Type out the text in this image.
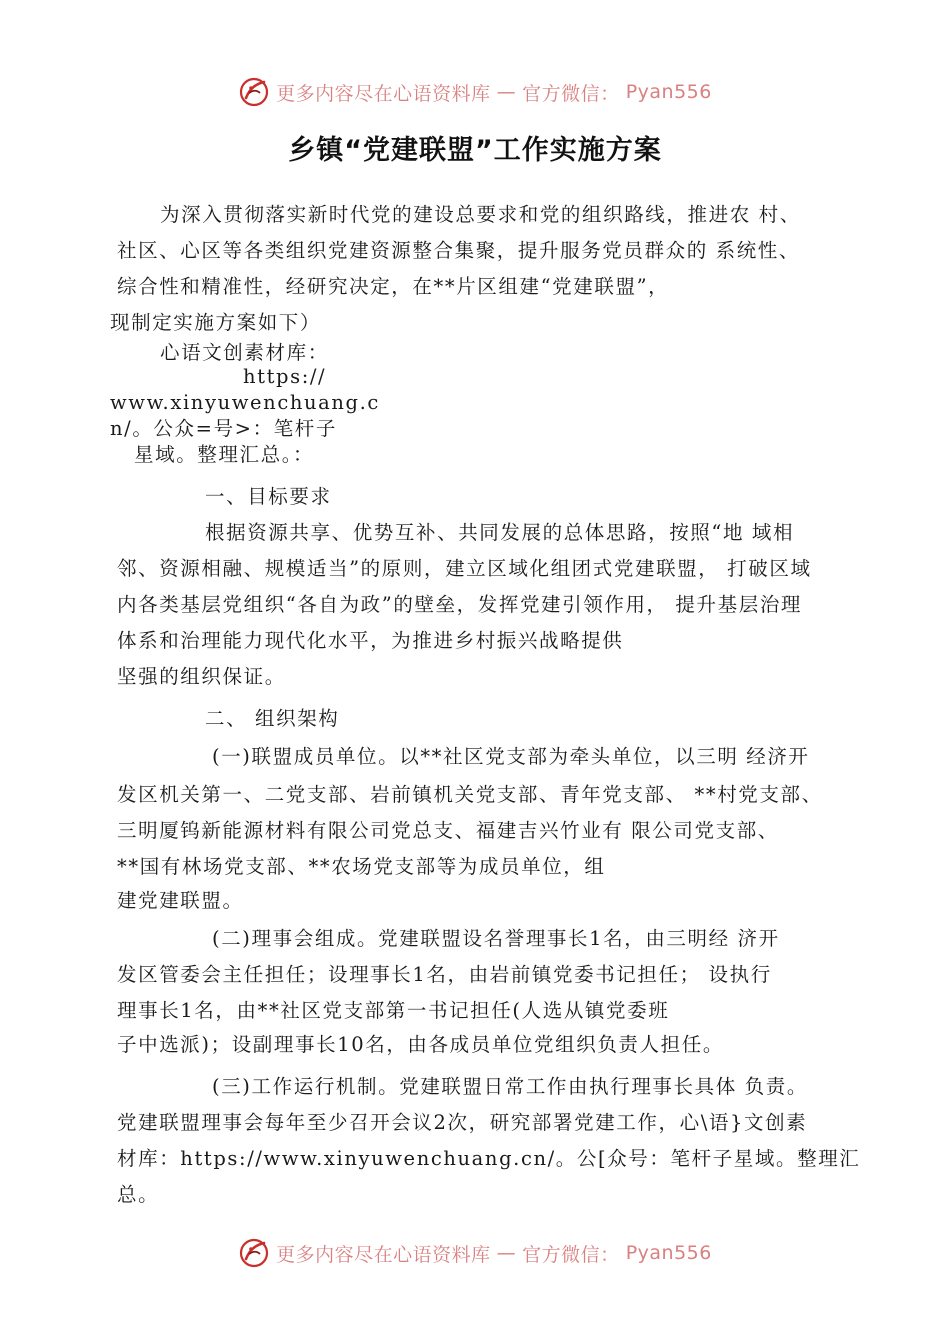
更多内容尽在心语资料库 — 官方微信： Pyan556
乡镇“党建联盟”工作实施方案
为深入贯彻落实新时代党的建设总要求和党的组织路线，推进农 村、
社区、心区等各类组织党建资源整合集聚，提升服务党员群众的 系统性、
综合性和精准性，经研究决定，在**片区组建“党建联盟”，
现制定实施方案如下）
心语文创素材库：
https://
www.xinyuwenchuang.c
n/。公众=号>：笔杆子
星域。整理汇总。：
一、目标要求
根据资源共享、优势互补、共同发展的总体思路，按照“地 域相
邻、资源相融、规模适当”的原则，建立区域化组团式党建联盟， 打破区域
内各类基层党组织“各自为政”的壁垒，发挥党建引领作用， 提升基层治理
体系和治理能力现代化水平，为推进乡村振兴战略提供
坚强的组织保证。
二、 组织架构
(一)联盟成员单位。以**社区党支部为牵头单位，以三明 经济开
发区机关第一、二党支部、岩前镇机关党支部、青年党支部、 **村党支部、
三明厦钨新能源材料有限公司党总支、福建吉兴竹业有 限公司党支部、
**国有林场党支部、**农场党支部等为成员单位，组
建党建联盟。
(二)理事会组成。党建联盟设名誉理事长1名，由三明经 济开
发区管委会主任担任；设理事长1名，由岩前镇党委书记担任； 设执行
理事长1名，由**社区党支部第一书记担任(人选从镇党委班
子中选派)；设副理事长10名，由各成员单位党组织负责人担任。
(三)工作运行机制。党建联盟日常工作由执行理事长具体 负责。
党建联盟理事会每年至少召开会议2次，研究部署党建工作，心\语}文创素
材库：https://www.xinyuwenchuang.cn/。公[众号：笔杆子星域。整理汇
总。
更多内容尽在心语资料库 — 官方微信： Pyan556
